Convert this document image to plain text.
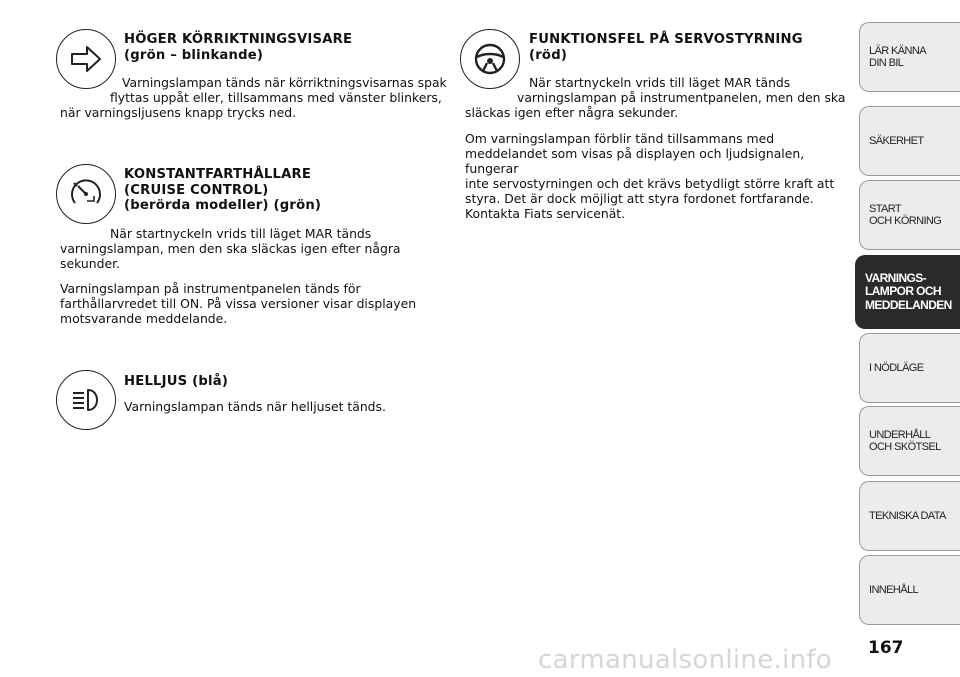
HÖGER KÖRRIKTNINGSVISARE
(grön – blinkande)
Varningslampan tänds när körriktningsvisarnas spak
flyttas uppåt eller, tillsammans med vänster blinkers,
när varningsljusens knapp trycks ned.
KONSTANTFARTHÅLLARE
(CRUISE CONTROL)
(berörda modeller) (grön)
När startnyckeln vrids till läget MAR tänds
varningslampan, men den ska släckas igen efter några
sekunder.
Varningslampan på instrumentpanelen tänds för
farthållarvredet till ON. På vissa versioner visar displayen
motsvarande meddelande.
HELLJUS (blå)
Varningslampan tänds när helljuset tänds.
FUNKTIONSFEL PÅ SERVOSTYRNING
(röd)
När startnyckeln vrids till läget MAR tänds
varningslampan på instrumentpanelen, men den ska
släckas igen efter några sekunder.
Om varningslampan förblir tänd tillsammans med
meddelandet som visas på displayen och ljudsignalen, fungerar
inte servostyrningen och det krävs betydligt större kraft att
styra. Det är dock möjligt att styra fordonet fortfarande.
Kontakta Fiats servicenät.
LÄR KÄNNA
DIN BIL
SÄKERHET
START
OCH KÖRNING
VARNINGS-
LAMPOR OCH
MEDDELANDEN
I NÖDLÄGE
UNDERHÅLL
OCH SKÖTSEL
TEKNISKA DATA
INNEHÅLL
167
carmanualsonline.info
